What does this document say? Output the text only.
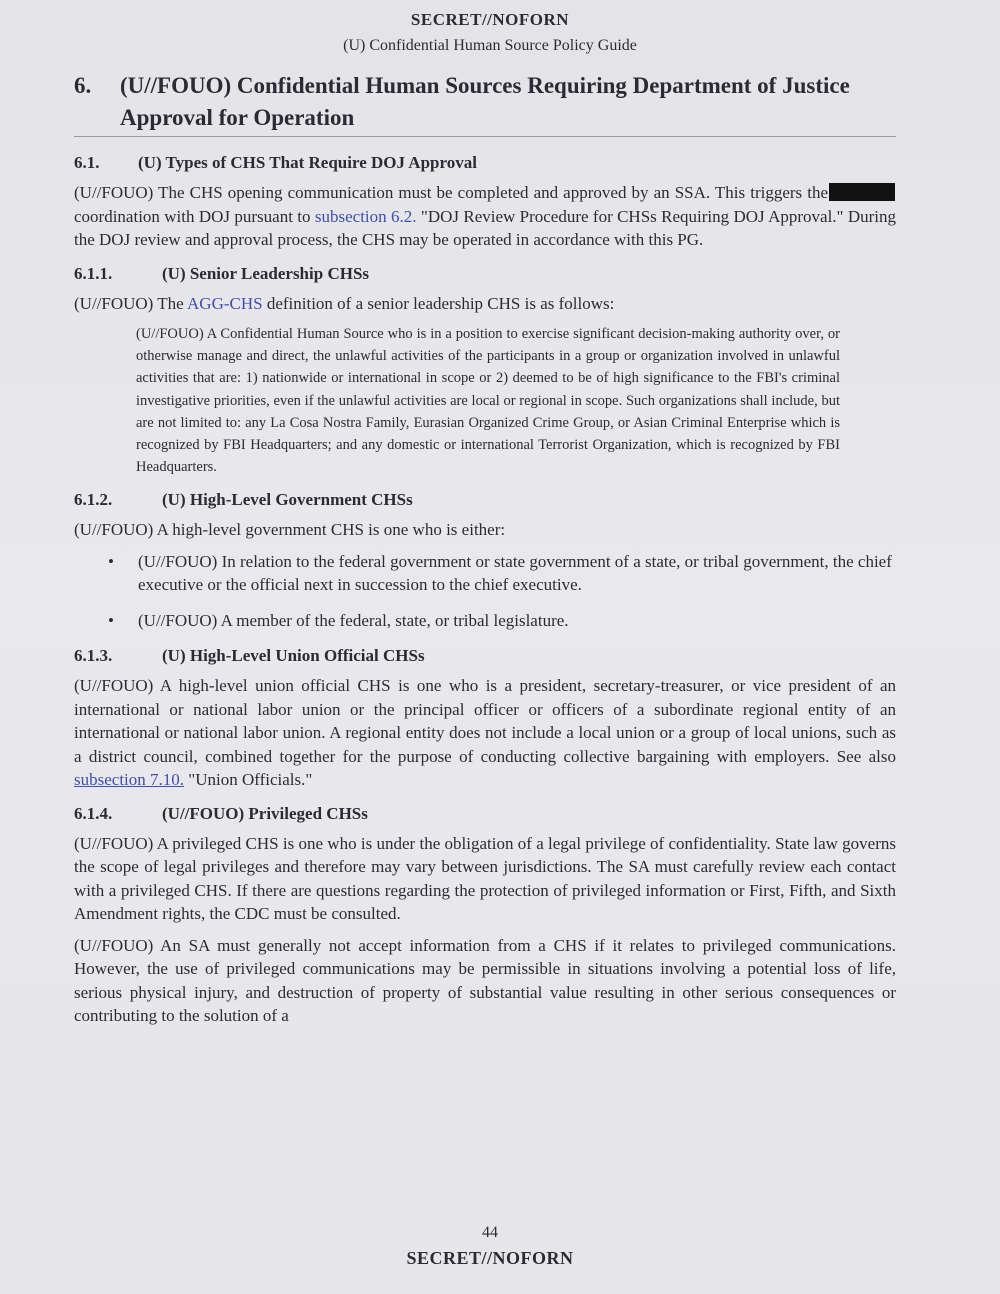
SECRET//NOFORN
(U) Confidential Human Source Policy Guide
6.	(U//FOUO) Confidential Human Sources Requiring Department of Justice Approval for Operation
6.1.	(U) Types of CHS That Require DOJ Approval

(U//FOUO) The CHS opening communication must be completed and approved by an SSA. This triggers thecoordination with DOJ pursuant to subsection 6.2. "DOJ Review Procedure for CHSs Requiring DOJ Approval." During the DOJ review and approval process, the CHS may be operated in accordance with this PG.

6.1.1.	(U) Senior Leadership CHSs

(U//FOUO) The AGG-CHS definition of a senior leadership CHS is as follows:

(U//FOUO) A Confidential Human Source who is in a position to exercise significant decision-making authority over, or otherwise manage and direct, the unlawful activities of the participants in a group or organization involved in unlawful activities that are: 1) nationwide or international in scope or 2) deemed to be of high significance to the FBI's criminal investigative priorities, even if the unlawful activities are local or regional in scope. Such organizations shall include, but are not limited to: any La Cosa Nostra Family, Eurasian Organized Crime Group, or Asian Criminal Enterprise which is recognized by FBI Headquarters; and any domestic or international Terrorist Organization, which is recognized by FBI Headquarters.
6.1.2.	(U) High-Level Government CHSs

(U//FOUO) A high-level government CHS is one who is either:

• (U//FOUO) In relation to the federal government or state government of a state, or tribal government, the chief executive or the official next in succession to the chief executive.
• (U//FOUO) A member of the federal, state, or tribal legislature.
6.1.3.	(U) High-Level Union Official CHSs

(U//FOUO) A high-level union official CHS is one who is a president, secretary-treasurer, or vice president of an international or national labor union or the principal officer or officers of a subordinate regional entity of an international or national labor union. A regional entity does not include a local union or a group of local unions, such as a district council, combined together for the purpose of conducting collective bargaining with employers. See also subsection 7.10. "Union Officials."

6.1.4.	(U//FOUO) Privileged CHSs

(U//FOUO) A privileged CHS is one who is under the obligation of a legal privilege of confidentiality. State law governs the scope of legal privileges and therefore may vary between jurisdictions. The SA must carefully review each contact with a privileged CHS. If there are questions regarding the protection of privileged information or First, Fifth, and Sixth Amendment rights, the CDC must be consulted.

(U//FOUO) An SA must generally not accept information from a CHS if it relates to privileged communications. However, the use of privileged communications may be permissible in situations involving a potential loss of life, serious physical injury, and destruction of property of substantial value resulting in other serious consequences or contributing to the solution of a

44
SECRET//NOFORN
